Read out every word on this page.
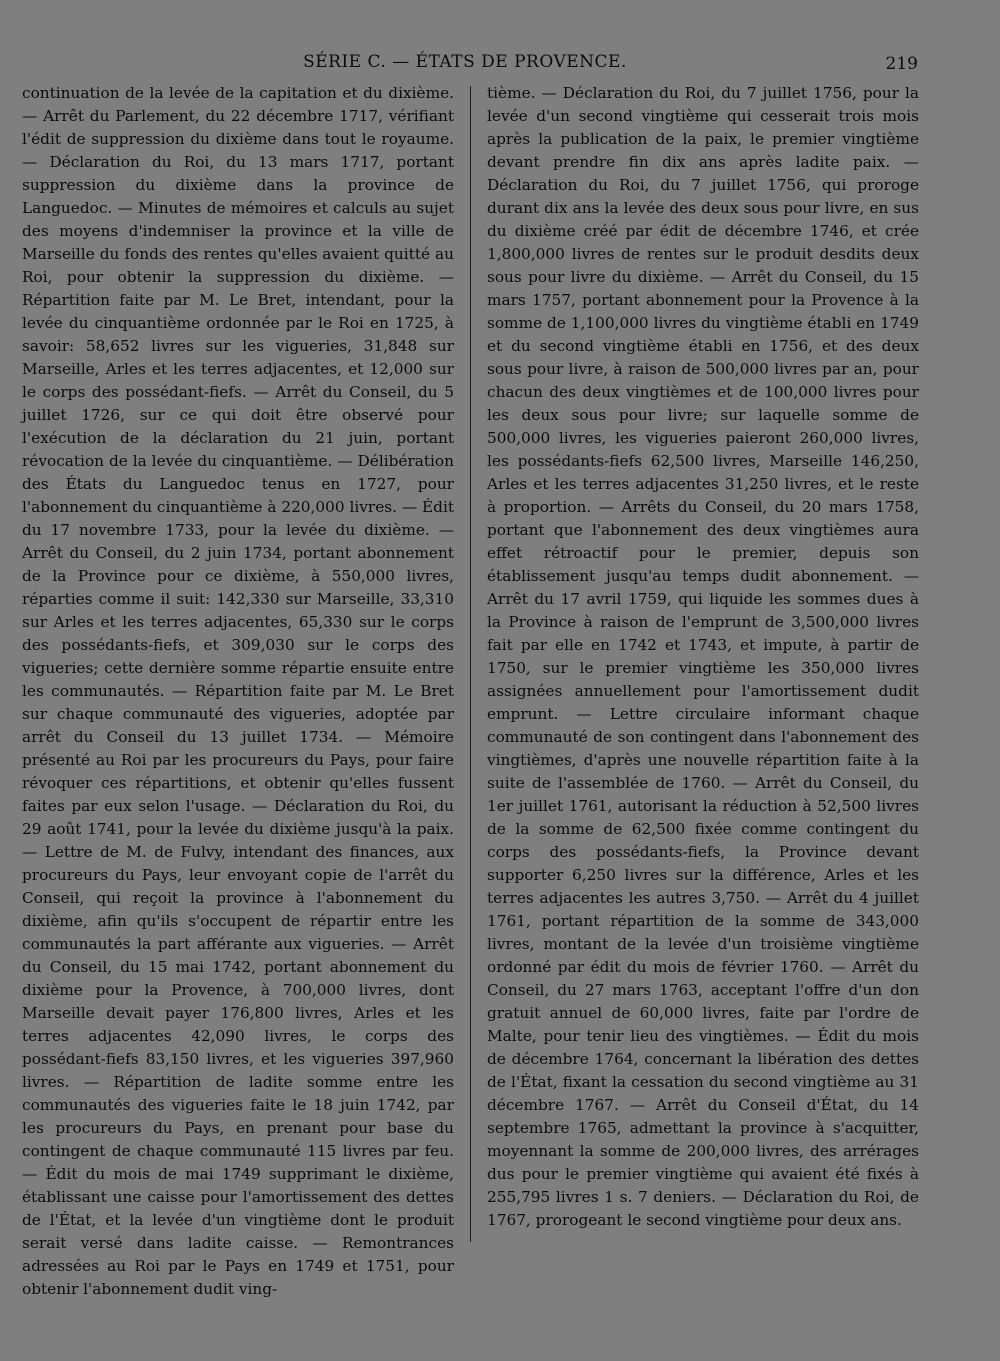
SÉRIE C. — ÉTATS DE PROVENCE.	219

continuation de la levée de la capitation et du dixième. — Arrêt du Parlement, du 22 décembre 1717, vérifiant l'édit de suppression du dixième dans tout le royaume. — Déclaration du Roi, du 13 mars 1717, portant suppression du dixième dans la province de Languedoc. — Minutes de mémoires et calculs au sujet des moyens d'indemniser la province et la ville de Marseille du fonds des rentes qu'elles avaient quitté au Roi, pour obtenir la suppression du dixième. — Répartition faite par M. Le Bret, intendant, pour la levée du cinquantième ordonnée par le Roi en 1725, à savoir: 58,652 livres sur les vigueries, 31,848 sur Marseille, Arles et les terres adjacentes, et 12,000 sur le corps des possédant-fiefs. — Arrêt du Conseil, du 5 juillet 1726, sur ce qui doit être observé pour l'exécution de la déclaration du 21 juin, portant révocation de la levée du cinquantième. — Délibération des États du Languedoc tenus en 1727, pour l'abonnement du cinquantième à 220,000 livres. — Édit du 17 novembre 1733, pour la levée du dixième. — Arrêt du Conseil, du 2 juin 1734, portant abonnement de la Province pour ce dixième, à 550,000 livres, réparties comme il suit: 142,330 sur Marseille, 33,310 sur Arles et les terres adjacentes, 65,330 sur le corps des possédants-fiefs, et 309,030 sur le corps des vigueries; cette dernière somme répartie ensuite entre les communautés. — Répartition faite par M. Le Bret sur chaque communauté des vigueries, adoptée par arrêt du Conseil du 13 juillet 1734. — Mémoire présenté au Roi par les procureurs du Pays, pour faire révoquer ces répartitions, et obtenir qu'elles fussent faites par eux selon l'usage. — Déclaration du Roi, du 29 août 1741, pour la levée du dixième jusqu'à la paix. — Lettre de M. de Fulvy, intendant des finances, aux procureurs du Pays, leur envoyant copie de l'arrêt du Conseil, qui reçoit la province à l'abonnement du dixième, afin qu'ils s'occupent de répartir entre les communautés la part afférante aux vigueries. — Arrêt du Conseil, du 15 mai 1742, portant abonnement du dixième pour la Provence, à 700,000 livres, dont Marseille devait payer 176,800 livres, Arles et les terres adjacentes 42,090 livres, le corps des possédant-fiefs 83,150 livres, et les vigueries 397,960 livres. — Répartition de ladite somme entre les communautés des vigueries faite le 18 juin 1742, par les procureurs du Pays, en prenant pour base du contingent de chaque communauté 115 livres par feu. — Édit du mois de mai 1749 supprimant le dixième, établissant une caisse pour l'amortissement des dettes de l'État, et la levée d'un vingtième dont le produit serait versé dans ladite caisse. — Remontrances adressées au Roi par le Pays en 1749 et 1751, pour obtenir l'abonnement dudit ving-

tième. — Déclaration du Roi, du 7 juillet 1756, pour la levée d'un second vingtième qui cesserait trois mois après la publication de la paix, le premier vingtième devant prendre fin dix ans après ladite paix. — Déclaration du Roi, du 7 juillet 1756, qui proroge durant dix ans la levée des deux sous pour livre, en sus du dixième créé par édit de décembre 1746, et crée 1,800,000 livres de rentes sur le produit desdits deux sous pour livre du dixième. — Arrêt du Conseil, du 15 mars 1757, portant abonnement pour la Provence à la somme de 1,100,000 livres du vingtième établi en 1749 et du second vingtième établi en 1756, et des deux sous pour livre, à raison de 500,000 livres par an, pour chacun des deux vingtièmes et de 100,000 livres pour les deux sous pour livre; sur laquelle somme de 500,000 livres, les vigueries paieront 260,000 livres, les possédants-fiefs 62,500 livres, Marseille 146,250, Arles et les terres adjacentes 31,250 livres, et le reste à proportion. — Arrêts du Conseil, du 20 mars 1758, portant que l'abonnement des deux vingtièmes aura effet rétroactif pour le premier, depuis son établissement jusqu'au temps dudit abonnement. — Arrêt du 17 avril 1759, qui liquide les sommes dues à la Province à raison de l'emprunt de 3,500,000 livres fait par elle en 1742 et 1743, et impute, à partir de 1750, sur le premier vingtième les 350,000 livres assignées annuellement pour l'amortissement dudit emprunt. — Lettre circulaire informant chaque communauté de son contingent dans l'abonnement des vingtièmes, d'après une nouvelle répartition faite à la suite de l'assemblée de 1760. — Arrêt du Conseil, du 1er juillet 1761, autorisant la réduction à 52,500 livres de la somme de 62,500 fixée comme contingent du corps des possédants-fiefs, la Province devant supporter 6,250 livres sur la différence, Arles et les terres adjacentes les autres 3,750. — Arrêt du 4 juillet 1761, portant répartition de la somme de 343,000 livres, montant de la levée d'un troisième vingtième ordonné par édit du mois de février 1760. — Arrêt du Conseil, du 27 mars 1763, acceptant l'offre d'un don gratuit annuel de 60,000 livres, faite par l'ordre de Malte, pour tenir lieu des vingtièmes. — Édit du mois de décembre 1764, concernant la libération des dettes de l'État, fixant la cessation du second vingtième au 31 décembre 1767. — Arrêt du Conseil d'État, du 14 septembre 1765, admettant la province à s'acquitter, moyennant la somme de 200,000 livres, des arrérages dus pour le premier vingtième qui avaient été fixés à 255,795 livres 1 s. 7 deniers. — Déclaration du Roi, de 1767, prorogeant le second vingtième pour deux ans.
